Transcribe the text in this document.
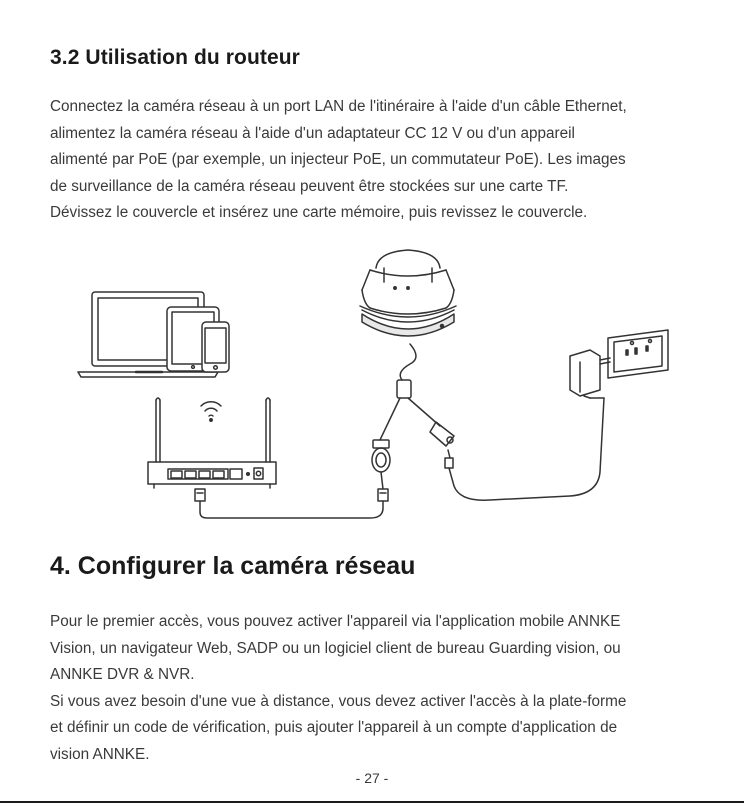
3.2 Utilisation du routeur
Connectez la caméra réseau à un port LAN de l'itinéraire à l'aide d'un câble Ethernet,
alimentez la caméra réseau à l'aide d'un adaptateur CC 12 V ou d'un appareil
alimenté par PoE (par exemple, un injecteur PoE, un commutateur PoE). Les images
de surveillance de la caméra réseau peuvent être stockées sur une carte TF.
Dévissez le couvercle et insérez une carte mémoire, puis revissez le couvercle.
4. Configurer la caméra réseau
Pour le premier accès, vous pouvez activer l'appareil via l'application mobile ANNKE
Vision, un navigateur Web, SADP ou un logiciel client de bureau Guarding vision, ou
ANNKE DVR & NVR.
Si vous avez besoin d'une vue à distance, vous devez activer l'accès à la plate-forme
et définir un code de vérification, puis ajouter l'appareil à un compte d'application de
vision ANNKE.
- 27 -
